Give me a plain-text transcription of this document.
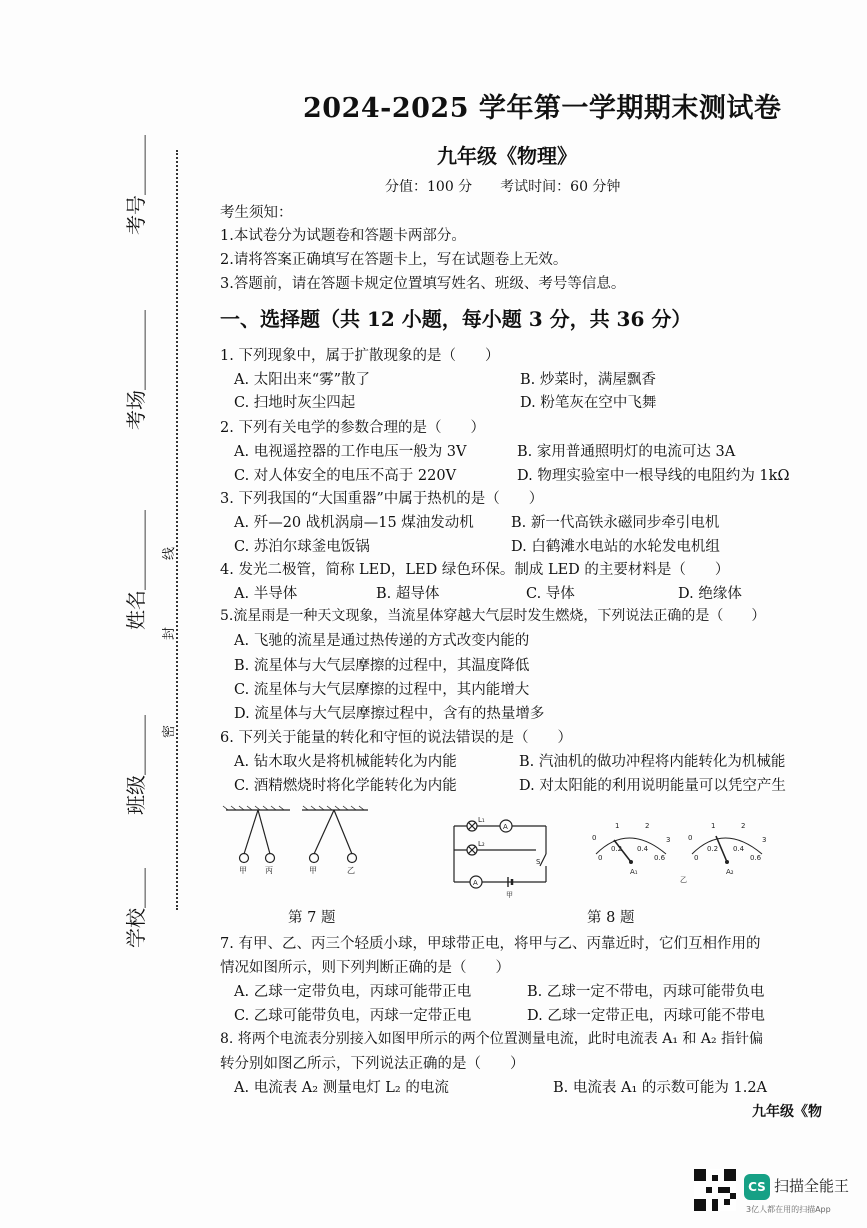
考号＿＿＿
考场＿＿＿＿
姓名＿＿＿＿
班级＿＿＿
学校＿＿
线
封
密
2024-2025 学年第一学期期末测试卷
九年级《物理》
分值：100 分　　考试时间：60 分钟
考生须知：
1.本试卷分为试题卷和答题卡两部分。
2.请将答案正确填写在答题卡上，写在试题卷上无效。
3.答题前，请在答题卡规定位置填写姓名、班级、考号等信息。
一、选择题（共 12 小题，每小题 3 分，共 36 分）
1. 下列现象中，属于扩散现象的是（　　）
A. 太阳出来“雾”散了	B. 炒菜时，满屋飘香
C. 扫地时灰尘四起	D. 粉笔灰在空中飞舞
2. 下列有关电学的参数合理的是（　　）
A. 电视遥控器的工作电压一般为 3V	B. 家用普通照明灯的电流可达 3A
C. 对人体安全的电压不高于 220V	D. 物理实验室中一根导线的电阻约为 1kΩ
3. 下列我国的“大国重器”中属于热机的是（　　）
A. 歼—20 战机涡扇—15 煤油发动机	B. 新一代高铁永磁同步牵引电机
C. 苏泊尔球釜电饭锅	D. 白鹤滩水电站的水轮发电机组
4. 发光二极管，简称 LED，LED 绿色环保。制成 LED 的主要材料是（　　）
A. 半导体	B. 超导体	C. 导体	D. 绝缘体
5.流星雨是一种天文现象，当流星体穿越大气层时发生燃烧，下列说法正确的是（　　）
A. 飞驰的流星是通过热传递的方式改变内能的
B. 流星体与大气层摩擦的过程中，其温度降低
C. 流星体与大气层摩擦的过程中，其内能增大
D. 流星体与大气层摩擦过程中，含有的热量增多
6. 下列关于能量的转化和守恒的说法错误的是（　　）
A. 钻木取火是将机械能转化为内能	B. 汽油机的做功冲程将内能转化为机械能
C. 酒精燃烧时将化学能转化为内能	D. 对太阳能的利用说明能量可以凭空产生
甲 丙	甲	乙
L₁
L₂
A
A
S
甲
0
1	2
3
0
0.2 0.4
0.6
A₁
0
1	2
3
0
0.2 0.4
0.6
A₂
乙
第 7 题	第 8 题
7. 有甲、乙、丙三个轻质小球，甲球带正电，将甲与乙、丙靠近时，它们互相作用的
情况如图所示，则下列判断正确的是（　　）
A. 乙球一定带负电，丙球可能带正电	B. 乙球一定不带电，丙球可能带负电
C. 乙球可能带负电，丙球一定带正电	D. 乙球一定带正电，丙球可能不带电
8. 将两个电流表分别接入如图甲所示的两个位置测量电流，此时电流表 A₁ 和 A₂ 指针偏
转分别如图乙所示，下列说法正确的是（　　）
A. 电流表 A₂ 测量电灯 L₂ 的电流	B. 电流表 A₁ 的示数可能为 1.2A
九年级《物
CS 扫描全能王
3亿人都在用的扫描App
